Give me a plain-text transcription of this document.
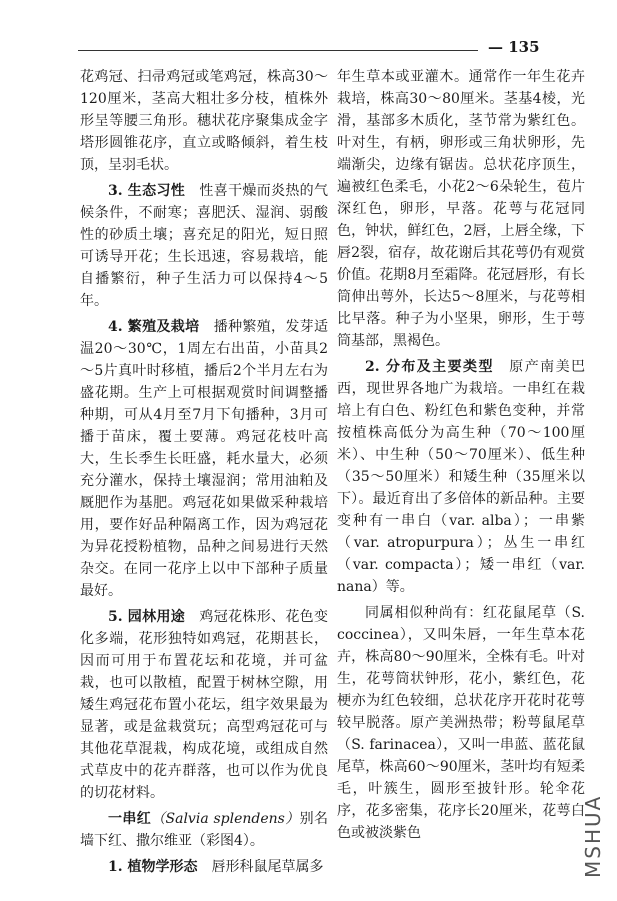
— 135

花鸡冠、扫帚鸡冠或笔鸡冠，株高30～120厘米，茎高大粗壮多分枝，植株外形呈等腰三角形。穗状花序聚集成金字塔形圆锥花序，直立或略倾斜，着生枝顶，呈羽毛状。

3. 生态习性　性喜干燥而炎热的气候条件，不耐寒；喜肥沃、湿润、弱酸性的砂质土壤；喜充足的阳光，短日照可诱导开花；生长迅速，容易栽培，能自播繁衍，种子生活力可以保持4～5年。

4. 繁殖及栽培　播种繁殖，发芽适温20～30℃，1周左右出苗，小苗具2～5片真叶时移植，播后2个半月左右为盛花期。生产上可根据观赏时间调整播种期，可从4月至7月下旬播种，3月可播于苗床，覆土要薄。鸡冠花枝叶高大，生长季生长旺盛，耗水量大，必须充分灌水，保持土壤湿润；常用油粕及厩肥作为基肥。鸡冠花如果做采种栽培用，要作好品种隔离工作，因为鸡冠花为异花授粉植物，品种之间易进行天然杂交。在同一花序上以中下部种子质量最好。

5. 园林用途　鸡冠花株形、花色变化多端，花形独特如鸡冠，花期甚长，因而可用于布置花坛和花境，并可盆栽，也可以散植，配置于树林空隙，用矮生鸡冠花布置小花坛，组字效果最为显著，或是盆栽赏玩；高型鸡冠花可与其他花草混栽，构成花境，或组成自然式草皮中的花卉群落，也可以作为优良的切花材料。

一串红（Salvia splendens）别名墙下红、撒尔维亚（彩图4）。

1. 植物学形态　唇形科鼠尾草属多

年生草本或亚灌木。通常作一年生花卉栽培，株高30～80厘米。茎基4棱，光滑，基部多木质化，茎节常为紫红色。叶对生，有柄，卵形或三角状卵形，先端渐尖，边缘有锯齿。总状花序顶生，遍被红色柔毛，小花2～6朵轮生，苞片深红色，卵形，早落。花萼与花冠同色，钟状，鲜红色，2唇，上唇全缘，下唇2裂，宿存，故花谢后其花萼仍有观赏价值。花期8月至霜降。花冠唇形，有长筒伸出萼外，长达5～8厘米，与花萼相比早落。种子为小坚果，卵形，生于萼筒基部，黑褐色。

2. 分布及主要类型　原产南美巴西，现世界各地广为栽培。一串红在栽培上有白色、粉红色和紫色变种，并常按植株高低分为高生种（70～100厘米）、中生种（50～70厘米）、低生种（35～50厘米）和矮生种（35厘米以下）。最近育出了多倍体的新品种。主要变种有一串白（var. alba）；一串紫（var. atropurpura）；丛生一串红（var. compacta）；矮一串红（var. nana）等。

同属相似种尚有：红花鼠尾草（S. coccinea），又叫朱唇，一年生草本花卉，株高80～90厘米，全株有毛。叶对生，花萼筒状钟形，花小，紫红色，花梗亦为红色较细，总状花序开花时花萼较早脱落。原产美洲热带；粉萼鼠尾草（S. farinacea），又叫一串蓝、蓝花鼠尾草，株高60～90厘米，茎叶均有短柔毛，叶簇生，圆形至披针形。轮伞花序，花多密集，花序长20厘米，花萼白色或被淡紫色	MSHUA
